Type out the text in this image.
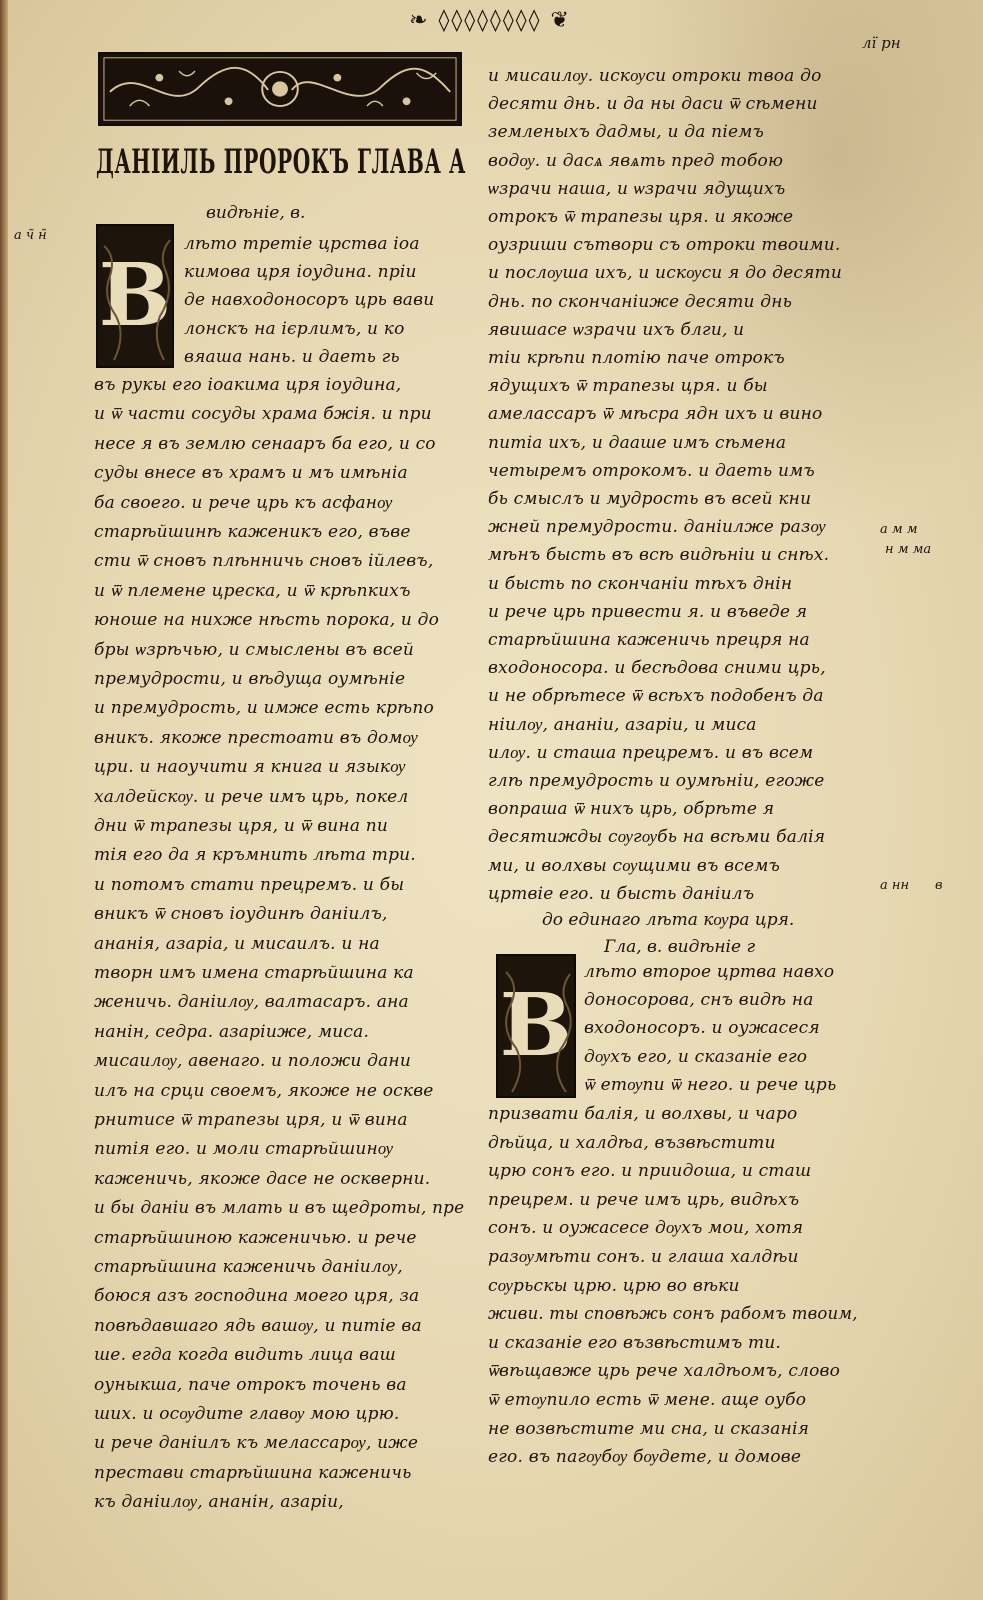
❧ ◊◊◊◊◊◊◊◊ ❦
лї рн
ДАНІИЛЬ ПРОРОКЪ ГЛАВА А
видѣніе, в.
В
лѣто третіе црства іоа
кимова цря іоудина. пріи
де навходоносоръ црь вави
лонскъ на ієрлимъ, и ко
вяаша нань. и даеть гь
въ рукы его іоакима цря іоудина,
и ѿ части сосуды храма бжія. и при
несе я въ землю сенааръ ба его, и со
суды внесе въ храмъ и мъ имѣніа
ба своего. и рече црь къ асфанѹ
старѣйшинѣ каженикъ его, въве
сти ѿ сновъ плѣнничь сновъ ійлевъ,
и ѿ племене цреска, и ѿ крѣпкихъ
юноше на нихже нѣсть порока, и до
бры ѡзрѣчью, и смыслены въ всей
премудрости, и вѣдуща оумѣніе
и премудрость, и имже есть крѣпо
вникъ. якоже престоати въ домѹ
цри. и наоучити я книга и языкѹ
халдейскѹ. и рече имъ црь, покел
дни ѿ трапезы цря, и ѿ вина пи
тія его да я кръмнить лѣта три.
и потомъ стати прецремъ. и бы
вникъ ѿ сновъ іоудинѣ даніилъ,
ананія, азаріа, и мисаилъ. и на
творн имъ имена старѣйшина ка
женичь. даніилѹ, валтасаръ. ана
нанін, седра. азаріиже, миса.
мисаилѹ, авенаго. и положи дани
илъ на срци своемъ, якоже не оскве
рнитисе ѿ трапезы цря, и ѿ вина
питія его. и моли старѣйшинѹ
каженичь, якоже дасе не оскверни.
и бы даніи въ млать и въ щедроты, пре
старѣйшиною каженичью. и рече
старѣйшина каженичь даніилѹ,
боюся азъ господина моего цря, за
повѣдавшаго ядь вашѹ, и питіе ва
ше. егда когда видить лица ваш
оуныкша, паче отрокъ точень ва
ших. и осѹдите главѹ мою црю.
и рече даніилъ къ мелассарѹ, иже
престави старѣйшина каженичь
къ даніилѹ, ананін, азаріи,
и мисаилѹ. искѹси отроки твоа до
десяти днь. и да ны даси ѿ сѣмени
земленыхъ дадмы, и да піемъ
водѹ. и дасѧ явѧть пред тобою
ѡзрачи наша, и ѡзрачи ядущихъ
отрокъ ѿ трапезы цря. и якоже
оузриши сътвори съ отроки твоими.
и послѹша ихъ, и искѹси я до десяти
днь. по скончаніиже десяти днь
явишасе ѡзрачи ихъ блги, и
тіи крѣпи плотію паче отрокъ
ядущихъ ѿ трапезы цря. и бы
амелассаръ ѿ мѣсра ядн ихъ и вино
питіа ихъ, и дааше имъ сѣмена
четыремъ отрокомъ. и даеть имъ
бь смыслъ и мудрость въ всей кни
жней премудрости. даніилже разѹ
мѣнъ бысть въ всѣ видѣніи и снѣх.
и бысть по скончаніи тѣхъ днін
и рече црь привести я. и въведе я
старѣйшина каженичь прецря на
входоносора. и бесѣдова сними црь,
и не обрѣтесе ѿ всѣхъ подобенъ да
ніилѹ, ананіи, азаріи, и миса
илѹ. и сташа прецремъ. и въ всем
глѣ премудрость и оумѣніи, егоже
вопраша ѿ нихъ црь, обрѣте я
десятижды сѹгѹбь на всѣми балія
ми, и волхвы сѹщими въ всемъ
цртвіе его. и бысть даніилъ
до единаго лѣта кѹра цря.
Гла, в. видѣніе г
В
лѣто второе цртва навхо
доносорова, снъ видѣ на
входоносоръ. и оужасеся
дѹхъ его, и сказаніе его
ѿ етѹпи ѿ него. и рече црь
призвати балія, и волхвы, и чаро
дѣйца, и халдѣа, възвѣстити
црю сонъ его. и приидоша, и сташ
прецрем. и рече имъ црь, видѣхъ
сонъ. и оужасесе дѹхъ мои, хотя
разѹмѣти сонъ. и глаша халдѣи
сѹрьскы црю. црю во вѣки
живи. ты сповѣжь сонъ рабомъ твоим,
и сказаніе его възвѣстимъ ти.
ѿвѣщавже црь рече халдѣомъ, слово
ѿ етѹпило есть ѿ мене. аще оубо
не возвѣстите ми сна, и сказанія
его. въ пагѹбѹ бѹдете, и домове
а ч̃ н̃
а м м
н м ма
а нн в
